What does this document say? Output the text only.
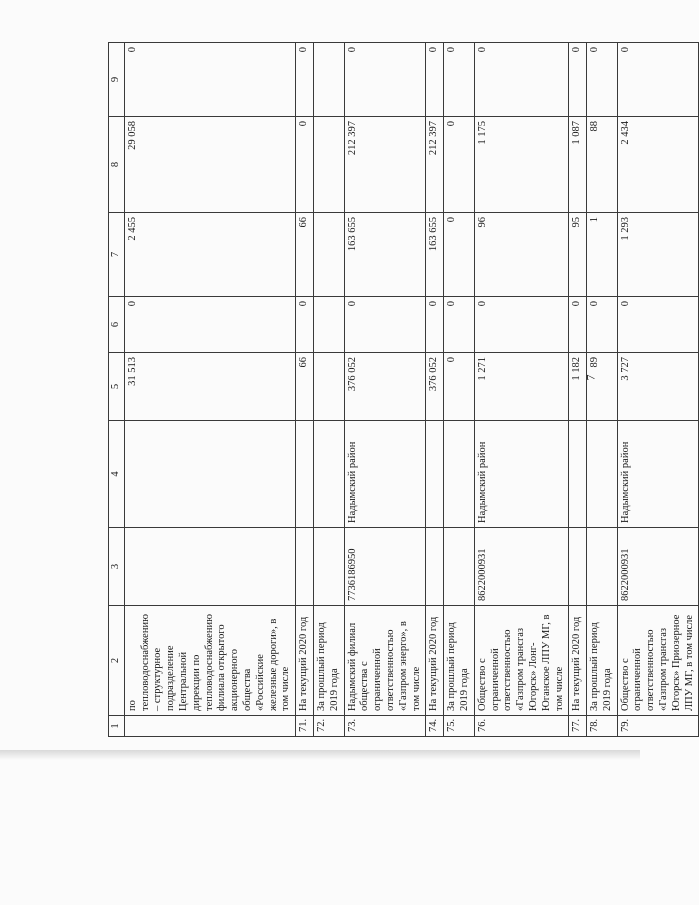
7
1	2	3	4	5	6	7	8	9
	по тепловодоснабжению – структурное подразделение Центральной дирекции по тепловодоснабжению филиала открытого акционерного общества «Российские железные дороги», в том числе			31 513	0	2 455	29 058	0
71.	На текущий 2020 год			66	0	66	0	0
72.	За прошлый период 2019 года							
73.	Надымский филиал общества с ограниченной ответственностью «Газпром энерго», в том числе	7736186950	Надымский район	376 052	0	163 655	212 397	0
74.	На текущий 2020 год			376 052	0	163 655	212 397	0
75.	За прошлый период 2019 года			0	0	0	0	0
76.	Общество с ограниченной ответственностью «Газпром трансгаз Югорск» Лонг-Юганское ЛПУ МГ, в том числе	8622000931	Надымский район	1 271	0	96	1 175	0
77.	На текущий 2020 год			1 182	0	95	1 087	0
78.	За прошлый период 2019 года			89	0	1	88	0
79.	Общество с ограниченной ответственностью «Газпром трансгаз Югорск» Приозерное ЛПУ МГ, в том числе	8622000931	Надымский район	3 727	0	1 293	2 434	0
